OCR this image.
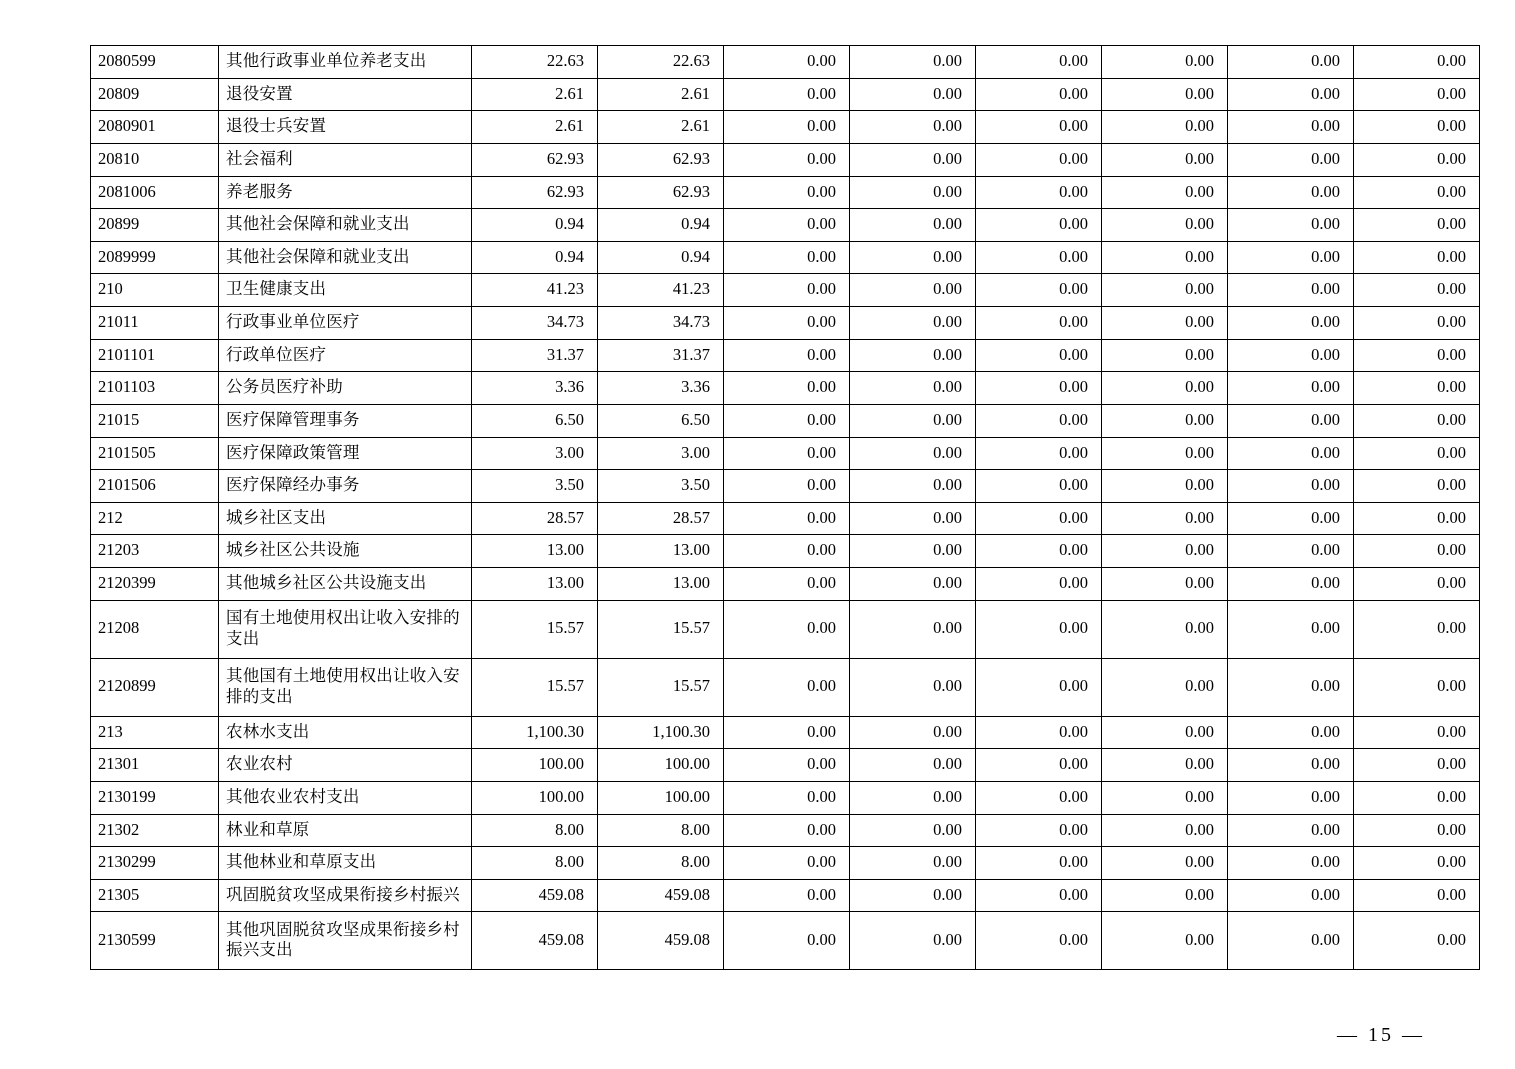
2080599	其他行政事业单位养老支出	22.63	22.63	0.00	0.00	0.00	0.00	0.00	0.00
20809	退役安置	2.61	2.61	0.00	0.00	0.00	0.00	0.00	0.00
2080901	退役士兵安置	2.61	2.61	0.00	0.00	0.00	0.00	0.00	0.00
20810	社会福利	62.93	62.93	0.00	0.00	0.00	0.00	0.00	0.00
2081006	养老服务	62.93	62.93	0.00	0.00	0.00	0.00	0.00	0.00
20899	其他社会保障和就业支出	0.94	0.94	0.00	0.00	0.00	0.00	0.00	0.00
2089999	其他社会保障和就业支出	0.94	0.94	0.00	0.00	0.00	0.00	0.00	0.00
210	卫生健康支出	41.23	41.23	0.00	0.00	0.00	0.00	0.00	0.00
21011	行政事业单位医疗	34.73	34.73	0.00	0.00	0.00	0.00	0.00	0.00
2101101	行政单位医疗	31.37	31.37	0.00	0.00	0.00	0.00	0.00	0.00
2101103	公务员医疗补助	3.36	3.36	0.00	0.00	0.00	0.00	0.00	0.00
21015	医疗保障管理事务	6.50	6.50	0.00	0.00	0.00	0.00	0.00	0.00
2101505	医疗保障政策管理	3.00	3.00	0.00	0.00	0.00	0.00	0.00	0.00
2101506	医疗保障经办事务	3.50	3.50	0.00	0.00	0.00	0.00	0.00	0.00
212	城乡社区支出	28.57	28.57	0.00	0.00	0.00	0.00	0.00	0.00
21203	城乡社区公共设施	13.00	13.00	0.00	0.00	0.00	0.00	0.00	0.00
2120399	其他城乡社区公共设施支出	13.00	13.00	0.00	0.00	0.00	0.00	0.00	0.00
21208	国有土地使用权出让收入安排的支出	15.57	15.57	0.00	0.00	0.00	0.00	0.00	0.00
2120899	其他国有土地使用权出让收入安排的支出	15.57	15.57	0.00	0.00	0.00	0.00	0.00	0.00
213	农林水支出	1,100.30	1,100.30	0.00	0.00	0.00	0.00	0.00	0.00
21301	农业农村	100.00	100.00	0.00	0.00	0.00	0.00	0.00	0.00
2130199	其他农业农村支出	100.00	100.00	0.00	0.00	0.00	0.00	0.00	0.00
21302	林业和草原	8.00	8.00	0.00	0.00	0.00	0.00	0.00	0.00
2130299	其他林业和草原支出	8.00	8.00	0.00	0.00	0.00	0.00	0.00	0.00
21305	巩固脱贫攻坚成果衔接乡村振兴	459.08	459.08	0.00	0.00	0.00	0.00	0.00	0.00
2130599	其他巩固脱贫攻坚成果衔接乡村振兴支出	459.08	459.08	0.00	0.00	0.00	0.00	0.00	0.00
— 15 —
